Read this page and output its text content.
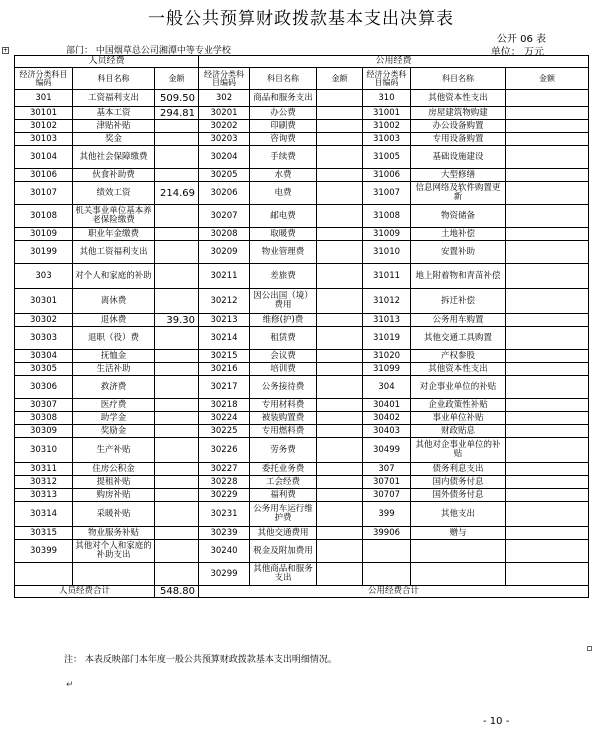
一般公共预算财政拨款基本支出决算表
公开 06 表
+	部门： 中国烟草总公司湘潭中等专业学校	单位： 万元
人员经费			公用经费					
经济分类科目编码	科目名称	金额	经济分类科目编码	科目名称	金额	经济分类科目编码	科目名称	金额
301	工资福利支出	509.50	302	商品和服务支出		310	其他资本性支出	
30101	基本工资	294.81	30201	办公费		31001	房屋建筑物购建	
30102	津贴补贴		30202	印刷费		31002	办公设备购置	
30103	奖金		30203	咨询费		31003	专用设备购置	
30104	其他社会保障缴费		30204	手续费		31005	基础设施建设	
30106	伙食补助费		30205	水费		31006	大型修缮	
30107	绩效工资	214.69	30206	电费		31007	信息网络及软件购置更新	
30108	机关事业单位基本养老保险缴费		30207	邮电费		31008	物资储备	
30109	职业年金缴费		30208	取暖费		31009	土地补偿	
30199	其他工资福利支出		30209	物业管理费		31010	安置补助	
303	对个人和家庭的补助		30211	差旅费		31011	地上附着物和青苗补偿	
30301	离休费		30212	因公出国（境）费用		31012	拆迁补偿	
30302	退休费	39.30	30213	维修(护)费		31013	公务用车购置	
30303	退职（役）费		30214	租赁费		31019	其他交通工具购置	
30304	抚恤金		30215	会议费		31020	产权参股	
30305	生活补助		30216	培训费		31099	其他资本性支出	
30306	救济费		30217	公务接待费		304	对企事业单位的补贴	
30307	医疗费		30218	专用材料费		30401	企业政策性补贴	
30308	助学金		30224	被装购置费		30402	事业单位补贴	
30309	奖励金		30225	专用燃料费		30403	财政贴息	
30310	生产补贴		30226	劳务费		30499	其他对企事业单位的补贴	
30311	住房公积金		30227	委托业务费		307	债务利息支出	
30312	提租补贴		30228	工会经费		30701	国内债务付息	
30313	购房补贴		30229	福利费		30707	国外债务付息	
30314	采暖补贴		30231	公务用车运行维护费		399	其他支出	
30315	物业服务补贴		30239	其他交通费用		39906	赠与	
30399	其他对个人和家庭的补助支出		30240	税金及附加费用				
			30299	其他商品和服务支出				
人员经费合计		548.80	公用经费合计					
注： 本表反映部门本年度一般公共预算财政拨款基本支出明细情况。
↵
- 10 -
